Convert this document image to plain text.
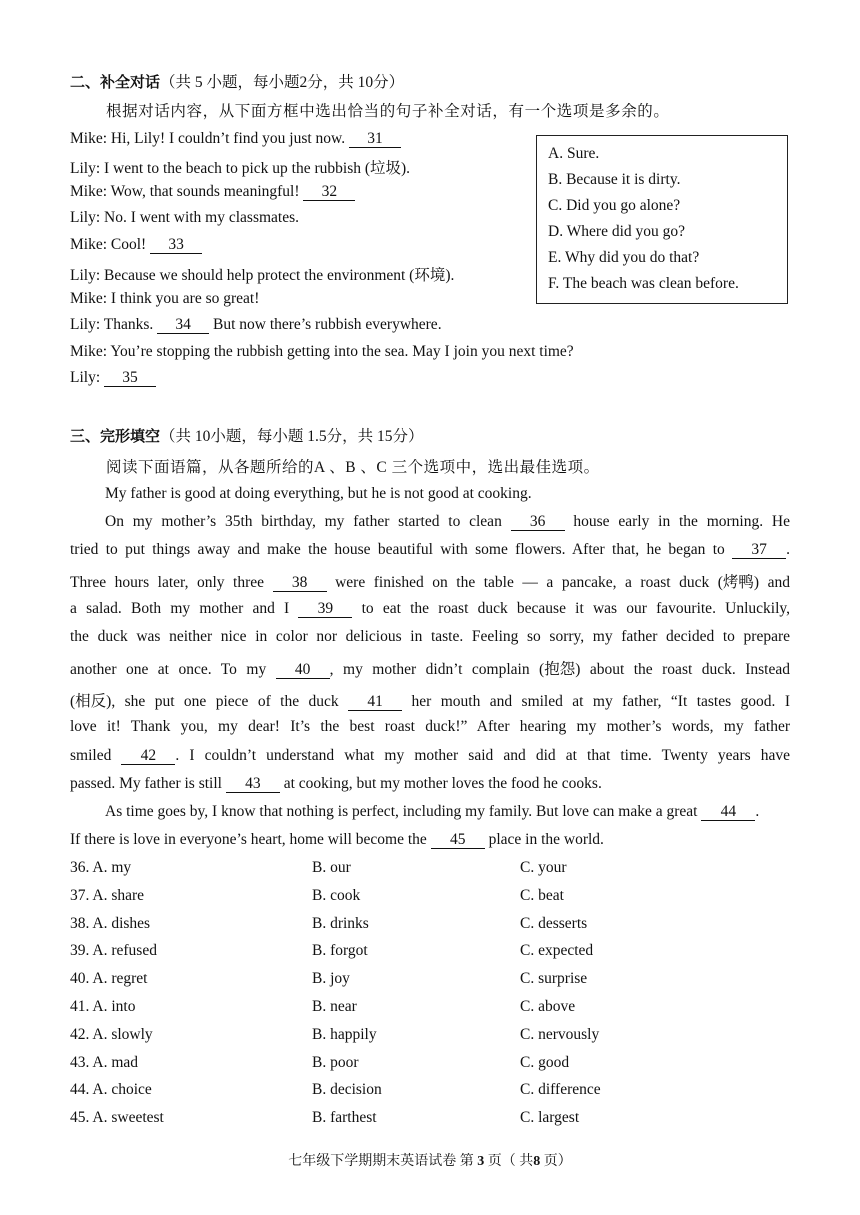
二、补全对话（共 5 小题，每小题2分，共 10分）
根据对话内容，从下面方框中选出恰当的句子补全对话，有一个选项是多余的。
Mike: Hi, Lily! I couldn’t find you just now. 31
Lily: I went to the beach to pick up the rubbish (垃圾).
Mike: Wow, that sounds meaningful! 32
Lily: No. I went with my classmates.
Mike: Cool! 33
Lily: Because we should help protect the environment (环境).
Mike: I think you are so great!
Lily: Thanks. 34 But now there’s rubbish everywhere.
Mike: You’re stopping the rubbish getting into the sea. May I join you next time?
Lily: 35
A. Sure.
B. Because it is dirty.
C. Did you go alone?
D. Where did you go?
E. Why did you do that?
F. The beach was clean before.
三、完形填空（共 10小题，每小题 1.5分，共 15分）
阅读下面语篇，从各题所给的A 、B 、C 三个选项中，选出最佳选项。
My father is good at doing everything, but he is not good at cooking.
On my mother’s 35th birthday, my father started to clean 36 house early in the morning. He
tried to put things away and make the house beautiful with some flowers. After that, he began to 37 .
Three hours later, only three 38 were finished on the table — a pancake, a roast duck (烤鸭) and
a salad. Both my mother and I 39 to eat the roast duck because it was our favourite. Unluckily,
the duck was neither nice in color nor delicious in taste. Feeling so sorry, my father decided to prepare
another one at once. To my 40 , my mother didn’t complain (抱怨) about the roast duck. Instead
(相反), she put one piece of the duck 41 her mouth and smiled at my father, “It tastes good. I
love it! Thank you, my dear! It’s the best roast duck!” After hearing my mother’s words, my father
smiled 42 . I couldn’t understand what my mother said and did at that time. Twenty years have
passed. My father is still 43 at cooking, but my mother loves the food he cooks.
As time goes by, I know that nothing is perfect, including my family. But love can make a great 44 .
If there is love in everyone’s heart, home will become the 45 place in the world.
36. A. my	B. our	C. your
37. A. share	B. cook	C. beat
38. A. dishes	B. drinks	C. desserts
39. A. refused	B. forgot	C. expected
40. A. regret	B. joy	C. surprise
41. A. into	B. near	C. above
42. A. slowly	B. happily	C. nervously
43. A. mad	B. poor	C. good
44. A. choice	B. decision	C. difference
45. A. sweetest	B. farthest	C. largest
七年级下学期期末英语试卷 第 3 页（ 共8 页）
